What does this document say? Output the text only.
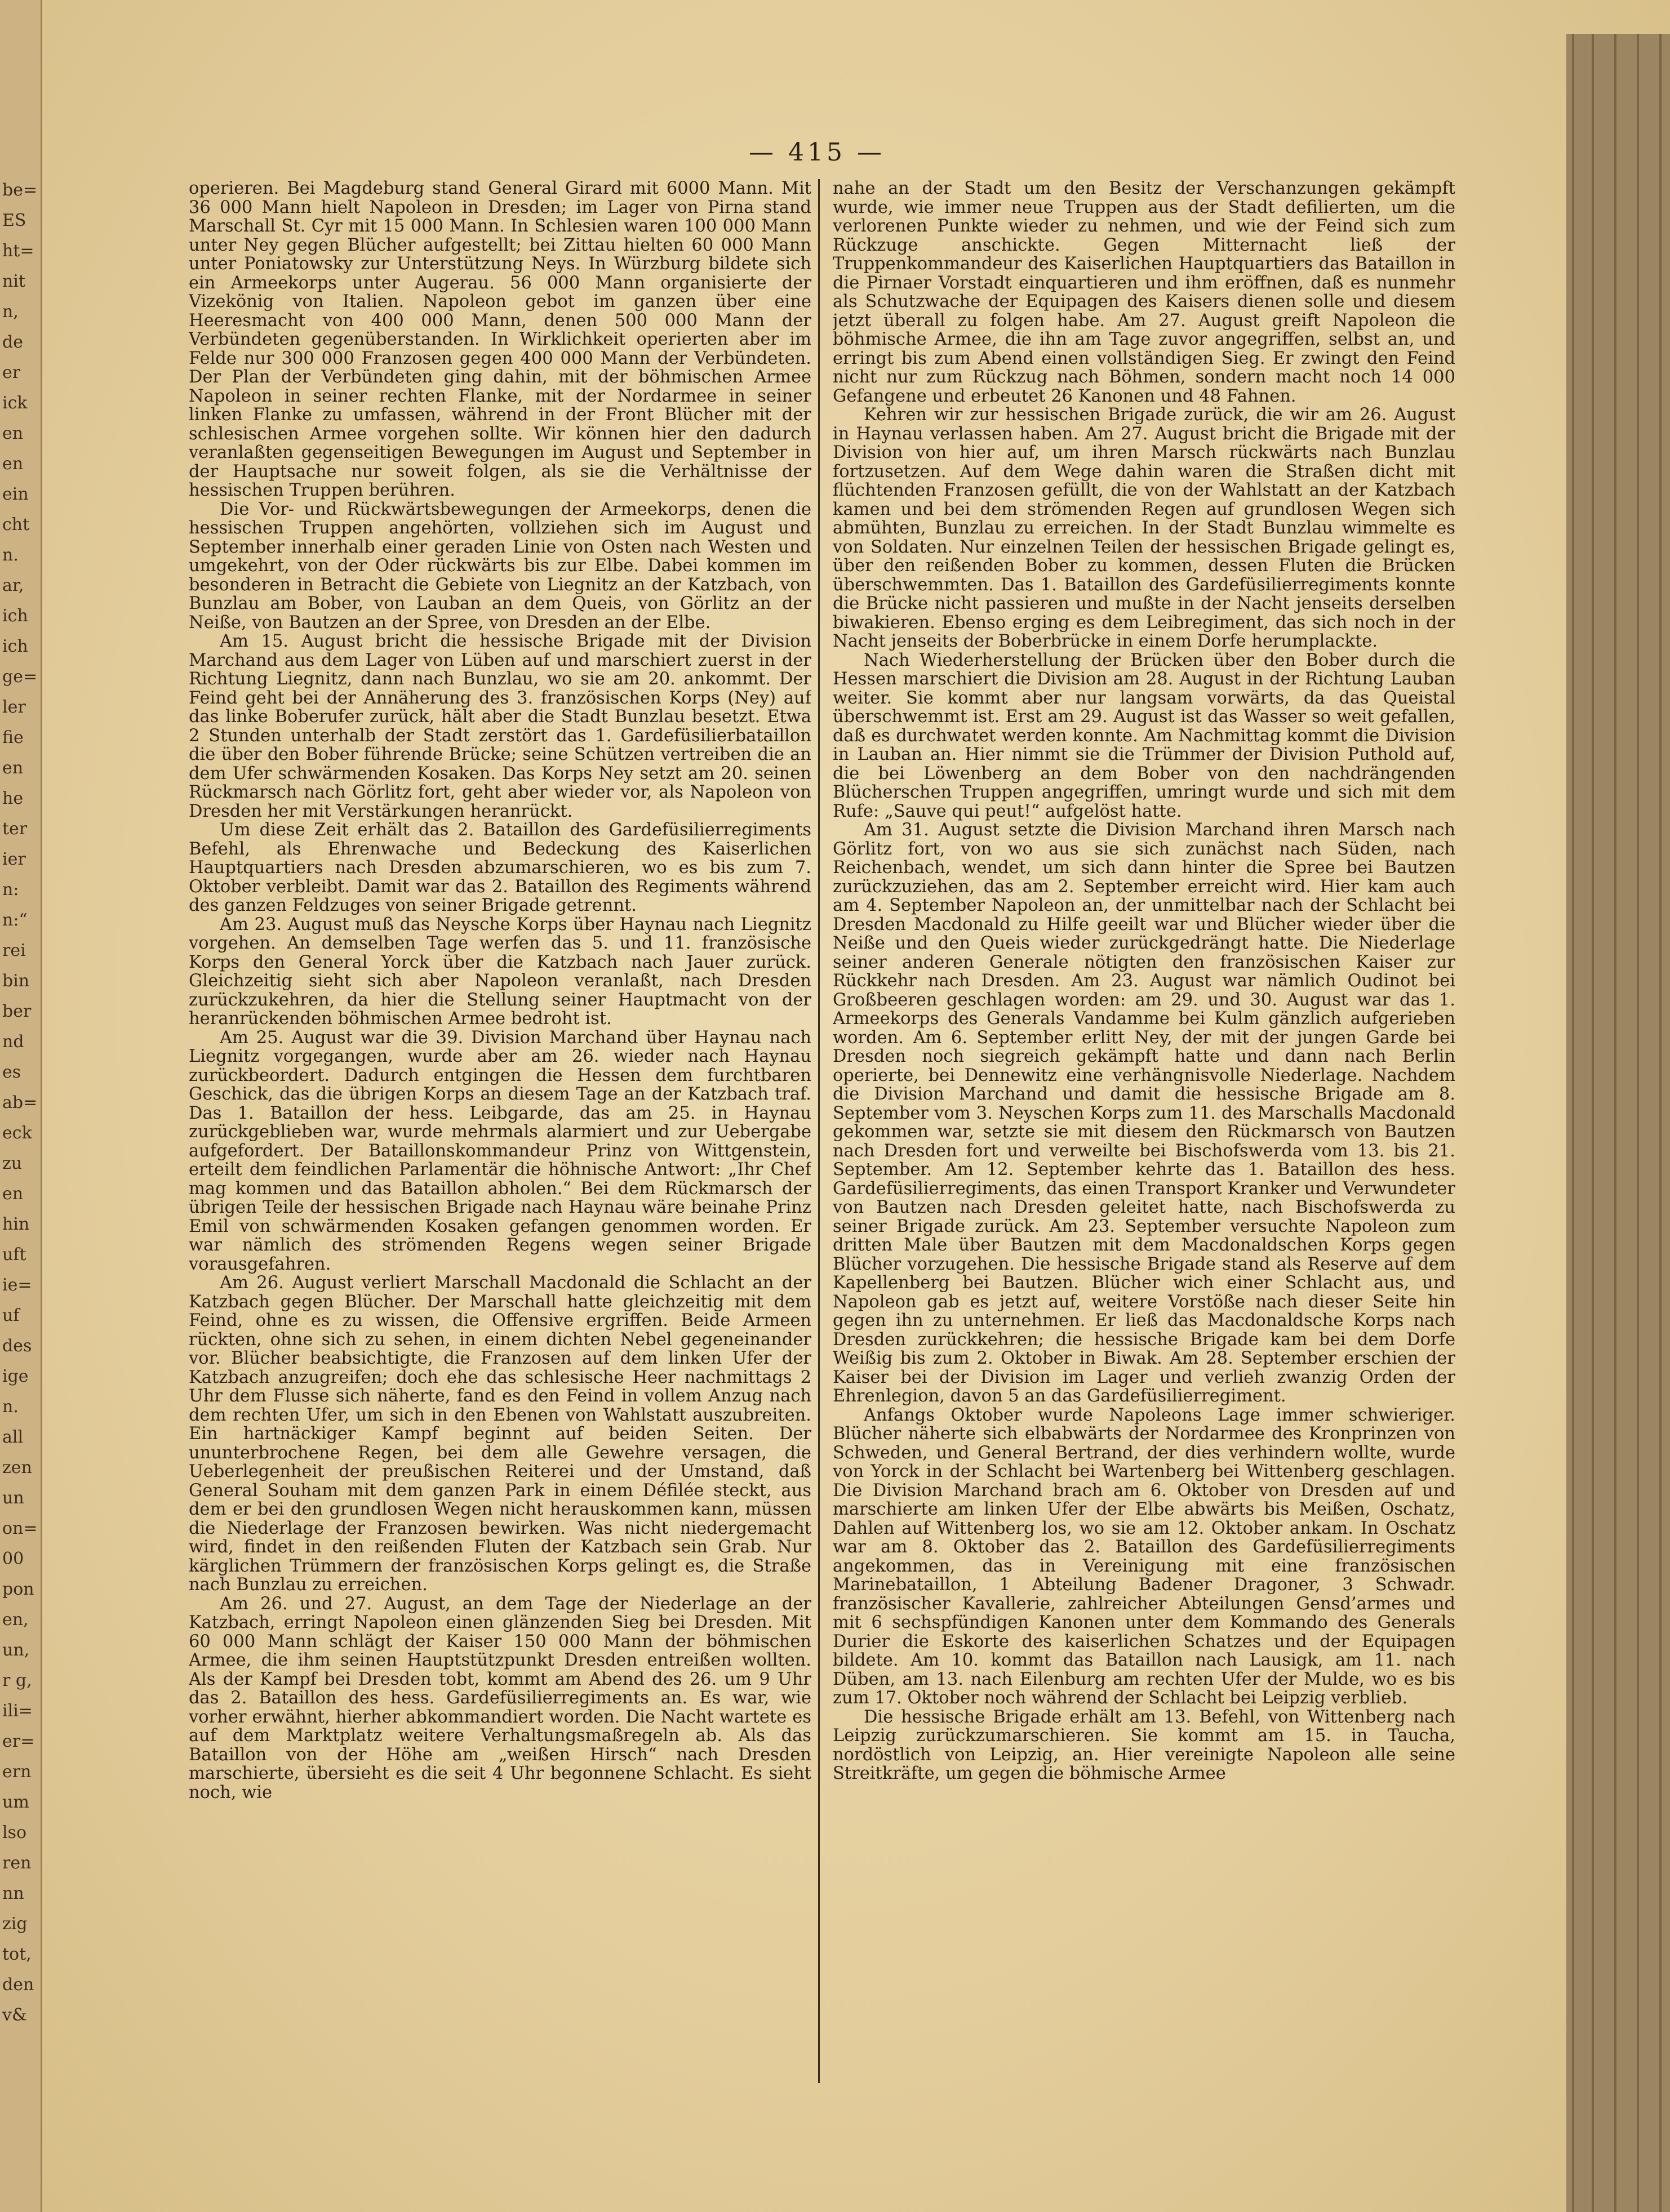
be=
ES
ht=
nit
n,
de
er
ick
en
en
ein
cht
n.
ar,
ich
ich
ge=
ler
fie
en
he
ter
ier
n:
n:“
rei
bin
ber
nd
es
ab=
eck
zu
en
hin
uft
ie=
uf
des
ige
n.
all
zen
un
on=
00
pon
en,
un,
r g,
ili=
er=
ern
um
lso
ren
nn
zig
tot,
den
v&
— 415 —

operieren. Bei Magdeburg stand General Girard mit 6000 Mann. Mit 36 000 Mann hielt Napoleon in Dresden; im Lager von Pirna stand Marschall St. Cyr mit 15 000 Mann. In Schlesien waren 100 000 Mann unter Ney gegen Blücher aufgestellt; bei Zittau hielten 60 000 Mann unter Poniatowsky zur Unterstützung Neys. In Würzburg bildete sich ein Armeekorps unter Augerau. 56 000 Mann organisierte der Vizekönig von Italien. Napoleon gebot im ganzen über eine Heeresmacht von 400 000 Mann, denen 500 000 Mann der Verbündeten gegenüberstanden. In Wirklichkeit operierten aber im Felde nur 300 000 Franzosen gegen 400 000 Mann der Verbündeten. Der Plan der Verbündeten ging dahin, mit der böhmischen Armee Napoleon in seiner rechten Flanke, mit der Nordarmee in seiner linken Flanke zu umfassen, während in der Front Blücher mit der schlesischen Armee vorgehen sollte. Wir können hier den dadurch veranlaßten gegenseitigen Bewegungen im August und September in der Hauptsache nur soweit folgen, als sie die Verhältnisse der hessischen Truppen berühren.

Die Vor- und Rückwärtsbewegungen der Armeekorps, denen die hessischen Truppen angehörten, vollziehen sich im August und September innerhalb einer geraden Linie von Osten nach Westen und umgekehrt, von der Oder rückwärts bis zur Elbe. Dabei kommen im besonderen in Betracht die Gebiete von Liegnitz an der Katzbach, von Bunzlau am Bober, von Lauban an dem Queis, von Görlitz an der Neiße, von Bautzen an der Spree, von Dresden an der Elbe.

Am 15. August bricht die hessische Brigade mit der Division Marchand aus dem Lager von Lüben auf und marschiert zuerst in der Richtung Liegnitz, dann nach Bunzlau, wo sie am 20. ankommt. Der Feind geht bei der Annäherung des 3. französischen Korps (Ney) auf das linke Boberufer zurück, hält aber die Stadt Bunzlau besetzt. Etwa 2 Stunden unterhalb der Stadt zerstört das 1. Gardefüsilierbataillon die über den Bober führende Brücke; seine Schützen vertreiben die an dem Ufer schwärmenden Kosaken. Das Korps Ney setzt am 20. seinen Rückmarsch nach Görlitz fort, geht aber wieder vor, als Napoleon von Dresden her mit Verstärkungen heranrückt.

Um diese Zeit erhält das 2. Bataillon des Gardefüsilierregiments Befehl, als Ehrenwache und Bedeckung des Kaiserlichen Hauptquartiers nach Dresden abzumarschieren, wo es bis zum 7. Oktober verbleibt. Damit war das 2. Bataillon des Regiments während des ganzen Feldzuges von seiner Brigade getrennt.

Am 23. August muß das Neysche Korps über Haynau nach Liegnitz vorgehen. An demselben Tage werfen das 5. und 11. französische Korps den General Yorck über die Katzbach nach Jauer zurück. Gleichzeitig sieht sich aber Napoleon veranlaßt, nach Dresden zurückzukehren, da hier die Stellung seiner Hauptmacht von der heranrückenden böhmischen Armee bedroht ist.

Am 25. August war die 39. Division Marchand über Haynau nach Liegnitz vorgegangen, wurde aber am 26. wieder nach Haynau zurückbeordert. Dadurch entgingen die Hessen dem furchtbaren Geschick, das die übrigen Korps an diesem Tage an der Katzbach traf. Das 1. Bataillon der hess. Leibgarde, das am 25. in Haynau zurückgeblieben war, wurde mehrmals alarmiert und zur Uebergabe aufgefordert. Der Bataillonskommandeur Prinz von Wittgenstein, erteilt dem feindlichen Parlamentär die höhnische Antwort: „Ihr Chef mag kommen und das Bataillon abholen.“ Bei dem Rückmarsch der übrigen Teile der hessischen Brigade nach Haynau wäre beinahe Prinz Emil von schwärmenden Kosaken gefangen genommen worden. Er war nämlich des strömenden Regens wegen seiner Brigade vorausgefahren.

Am 26. August verliert Marschall Macdonald die Schlacht an der Katzbach gegen Blücher. Der Marschall hatte gleichzeitig mit dem Feind, ohne es zu wissen, die Offensive ergriffen. Beide Armeen rückten, ohne sich zu sehen, in einem dichten Nebel gegeneinander vor. Blücher beabsichtigte, die Franzosen auf dem linken Ufer der Katzbach anzugreifen; doch ehe das schlesische Heer nachmittags 2 Uhr dem Flusse sich näherte, fand es den Feind in vollem Anzug nach dem rechten Ufer, um sich in den Ebenen von Wahlstatt auszubreiten. Ein hartnäckiger Kampf beginnt auf beiden Seiten. Der ununterbrochene Regen, bei dem alle Gewehre versagen, die Ueberlegenheit der preußischen Reiterei und der Umstand, daß General Souham mit dem ganzen Park in einem Défilée steckt, aus dem er bei den grundlosen Wegen nicht herauskommen kann, müssen die Niederlage der Franzosen bewirken. Was nicht niedergemacht wird, findet in den reißenden Fluten der Katzbach sein Grab. Nur kärglichen Trümmern der französischen Korps gelingt es, die Straße nach Bunzlau zu erreichen.

Am 26. und 27. August, an dem Tage der Niederlage an der Katzbach, erringt Napoleon einen glänzenden Sieg bei Dresden. Mit 60 000 Mann schlägt der Kaiser 150 000 Mann der böhmischen Armee, die ihm seinen Hauptstützpunkt Dresden entreißen wollten. Als der Kampf bei Dresden tobt, kommt am Abend des 26. um 9 Uhr das 2. Bataillon des hess. Gardefüsilierregiments an. Es war, wie vorher erwähnt, hierher abkommandiert worden. Die Nacht wartete es auf dem Marktplatz weitere Verhaltungsmaßregeln ab. Als das Bataillon von der Höhe am „weißen Hirsch“ nach Dresden marschierte, übersieht es die seit 4 Uhr begonnene Schlacht. Es sieht noch, wie

nahe an der Stadt um den Besitz der Verschanzungen gekämpft wurde, wie immer neue Truppen aus der Stadt defilierten, um die verlorenen Punkte wieder zu nehmen, und wie der Feind sich zum Rückzuge anschickte. Gegen Mitternacht ließ der Truppenkommandeur des Kaiserlichen Hauptquartiers das Bataillon in die Pirnaer Vorstadt einquartieren und ihm eröffnen, daß es nunmehr als Schutzwache der Equipagen des Kaisers dienen solle und diesem jetzt überall zu folgen habe. Am 27. August greift Napoleon die böhmische Armee, die ihn am Tage zuvor angegriffen, selbst an, und erringt bis zum Abend einen vollständigen Sieg. Er zwingt den Feind nicht nur zum Rückzug nach Böhmen, sondern macht noch 14 000 Gefangene und erbeutet 26 Kanonen und 48 Fahnen.

Kehren wir zur hessischen Brigade zurück, die wir am 26. August in Haynau verlassen haben. Am 27. August bricht die Brigade mit der Division von hier auf, um ihren Marsch rückwärts nach Bunzlau fortzusetzen. Auf dem Wege dahin waren die Straßen dicht mit flüchtenden Franzosen gefüllt, die von der Wahlstatt an der Katzbach kamen und bei dem strömenden Regen auf grundlosen Wegen sich abmühten, Bunzlau zu erreichen. In der Stadt Bunzlau wimmelte es von Soldaten. Nur einzelnen Teilen der hessischen Brigade gelingt es, über den reißenden Bober zu kommen, dessen Fluten die Brücken überschwemmten. Das 1. Bataillon des Gardefüsilierregiments konnte die Brücke nicht passieren und mußte in der Nacht jenseits derselben biwakieren. Ebenso erging es dem Leibregiment, das sich noch in der Nacht jenseits der Boberbrücke in einem Dorfe herumplackte.

Nach Wiederherstellung der Brücken über den Bober durch die Hessen marschiert die Division am 28. August in der Richtung Lauban weiter. Sie kommt aber nur langsam vorwärts, da das Queistal überschwemmt ist. Erst am 29. August ist das Wasser so weit gefallen, daß es durchwatet werden konnte. Am Nachmittag kommt die Division in Lauban an. Hier nimmt sie die Trümmer der Division Puthold auf, die bei Löwenberg an dem Bober von den nachdrängenden Blücherschen Truppen angegriffen, umringt wurde und sich mit dem Rufe: „Sauve qui peut!“ aufgelöst hatte.

Am 31. August setzte die Division Marchand ihren Marsch nach Görlitz fort, von wo aus sie sich zunächst nach Süden, nach Reichenbach, wendet, um sich dann hinter die Spree bei Bautzen zurückzuziehen, das am 2. September erreicht wird. Hier kam auch am 4. September Napoleon an, der unmittelbar nach der Schlacht bei Dresden Macdonald zu Hilfe geeilt war und Blücher wieder über die Neiße und den Queis wieder zurückgedrängt hatte. Die Niederlage seiner anderen Generale nötigten den französischen Kaiser zur Rückkehr nach Dresden. Am 23. August war nämlich Oudinot bei Großbeeren geschlagen worden: am 29. und 30. August war das 1. Armeekorps des Generals Vandamme bei Kulm gänzlich aufgerieben worden. Am 6. September erlitt Ney, der mit der jungen Garde bei Dresden noch siegreich gekämpft hatte und dann nach Berlin operierte, bei Dennewitz eine verhängnisvolle Niederlage. Nachdem die Division Marchand und damit die hessische Brigade am 8. September vom 3. Neyschen Korps zum 11. des Marschalls Macdonald gekommen war, setzte sie mit diesem den Rückmarsch von Bautzen nach Dresden fort und verweilte bei Bischofswerda vom 13. bis 21. September. Am 12. September kehrte das 1. Bataillon des hess. Gardefüsilierregiments, das einen Transport Kranker und Verwundeter von Bautzen nach Dresden geleitet hatte, nach Bischofswerda zu seiner Brigade zurück. Am 23. September versuchte Napoleon zum dritten Male über Bautzen mit dem Macdonaldschen Korps gegen Blücher vorzugehen. Die hessische Brigade stand als Reserve auf dem Kapellenberg bei Bautzen. Blücher wich einer Schlacht aus, und Napoleon gab es jetzt auf, weitere Vorstöße nach dieser Seite hin gegen ihn zu unternehmen. Er ließ das Macdonaldsche Korps nach Dresden zurückkehren; die hessische Brigade kam bei dem Dorfe Weißig bis zum 2. Oktober in Biwak. Am 28. September erschien der Kaiser bei der Division im Lager und verlieh zwanzig Orden der Ehrenlegion, davon 5 an das Gardefüsilierregiment.

Anfangs Oktober wurde Napoleons Lage immer schwieriger. Blücher näherte sich elbabwärts der Nordarmee des Kronprinzen von Schweden, und General Bertrand, der dies verhindern wollte, wurde von Yorck in der Schlacht bei Wartenberg bei Wittenberg geschlagen. Die Division Marchand brach am 6. Oktober von Dresden auf und marschierte am linken Ufer der Elbe abwärts bis Meißen, Oschatz, Dahlen auf Wittenberg los, wo sie am 12. Oktober ankam. In Oschatz war am 8. Oktober das 2. Bataillon des Gardefüsilierregiments angekommen, das in Vereinigung mit eine französischen Marinebataillon, 1 Abteilung Badener Dragoner, 3 Schwadr. französischer Kavallerie, zahlreicher Abteilungen Gensd’armes und mit 6 sechspfündigen Kanonen unter dem Kommando des Generals Durier die Eskorte des kaiserlichen Schatzes und der Equipagen bildete. Am 10. kommt das Bataillon nach Lausigk, am 11. nach Düben, am 13. nach Eilenburg am rechten Ufer der Mulde, wo es bis zum 17. Oktober noch während der Schlacht bei Leipzig verblieb.

Die hessische Brigade erhält am 13. Befehl, von Wittenberg nach Leipzig zurückzumarschieren. Sie kommt am 15. in Taucha, nordöstlich von Leipzig, an. Hier vereinigte Napoleon alle seine Streitkräfte, um gegen die böhmische Armee
